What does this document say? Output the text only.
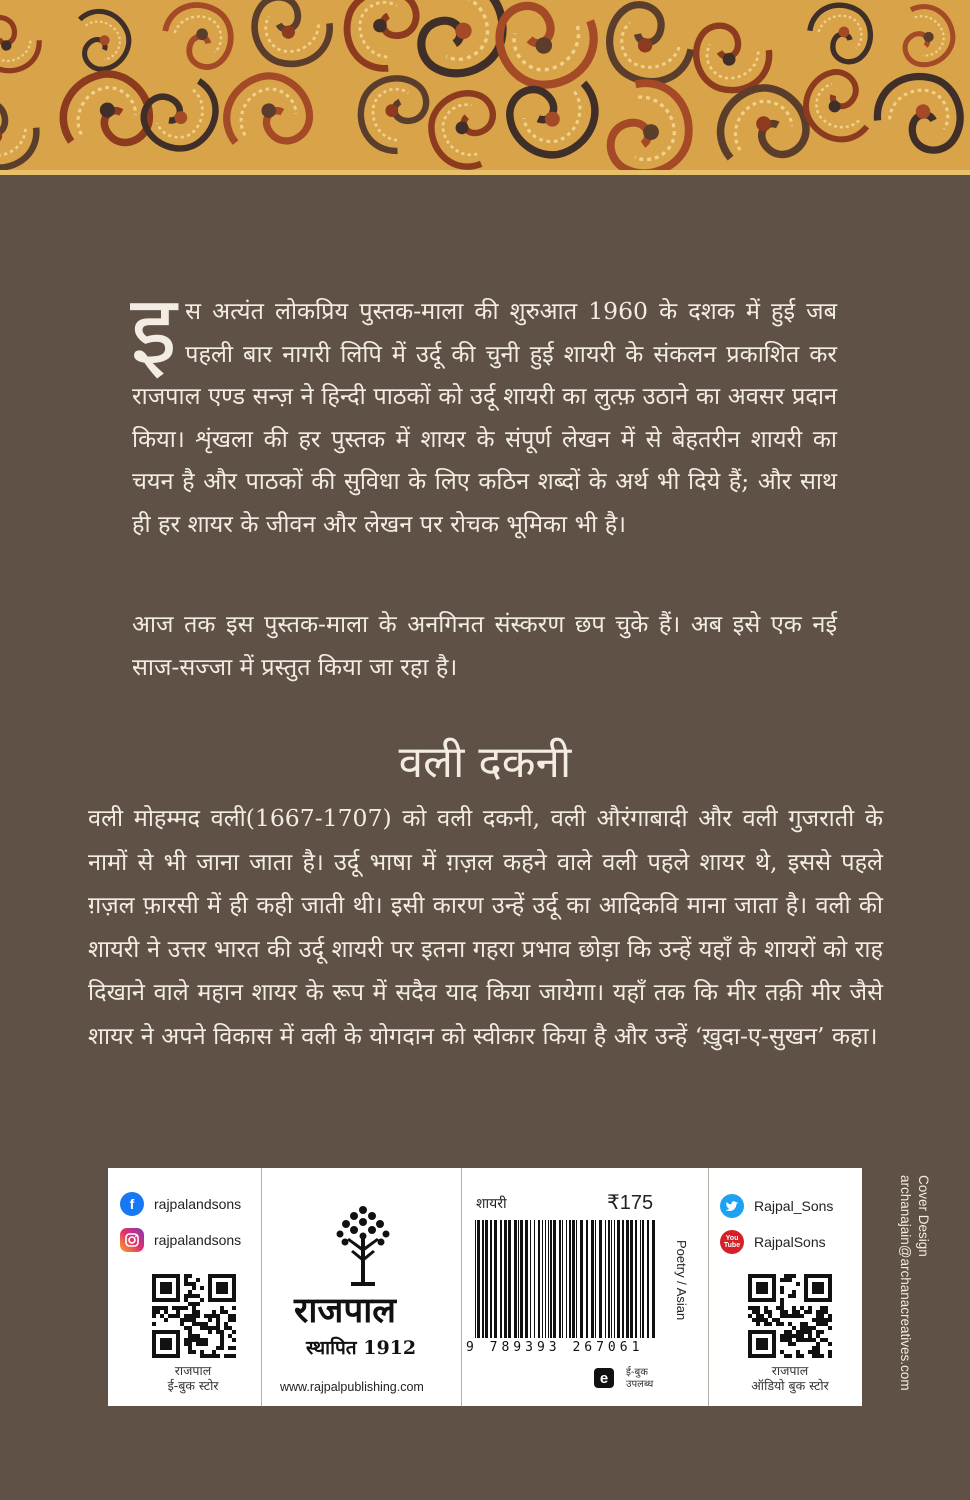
इस अत्यंत लोकप्रिय पुस्तक-माला की शुरुआत 1960 के दशक में हुई जब पहली बार नागरी लिपि में उर्दू की चुनी हुई शायरी के संकलन प्रकाशित कर राजपाल एण्ड सन्ज़ ने हिन्दी पाठकों को उर्दू शायरी का लुत्फ़ उठाने का अवसर प्रदान किया। शृंखला की हर पुस्तक में शायर के संपूर्ण लेखन में से बेहतरीन शायरी का चयन है और पाठकों की सुविधा के लिए कठिन शब्दों के अर्थ भी दिये हैं; और साथ ही हर शायर के जीवन और लेखन पर रोचक भूमिका भी है।
आज तक इस पुस्तक-माला के अनगिनत संस्करण छप चुके हैं। अब इसे एक नई साज-सज्जा में प्रस्तुत किया जा रहा है।
वली दकनी
वली मोहम्मद वली(1667-1707) को वली दकनी, वली औरंगाबादी और वली गुजराती के नामों से भी जाना जाता है। उर्दू भाषा में ग़ज़ल कहने वाले वली पहले शायर थे, इससे पहले ग़ज़ल फ़ारसी में ही कही जाती थी। इसी कारण उन्हें उर्दू का आदिकवि माना जाता है। वली की शायरी ने उत्तर भारत की उर्दू शायरी पर इतना गहरा प्रभाव छोड़ा कि उन्हें यहाँ के शायरों को राह दिखाने वाले महान शायर के रूप में सदैव याद किया जायेगा। यहाँ तक कि मीर तक़ी मीर जैसे शायर ने अपने विकास में वली के योगदान को स्वीकार किया है और उन्हें ‘ख़ुदा-ए-सुखन’ कहा।
Cover Design
archanajain@archanacreatives.com
f	rajpalandsons
rajpalandsons
राजपाल
ई-बुक स्टोर
राजपाल
स्थापित 1912
www.rajpalpublishing.com
शायरी	₹175
9 789393 267061
Poetry / Asian
e	ई-बुक
उपलब्ध
Rajpal_Sons
You
Tube RajpalSons
राजपाल
ऑडियो बुक स्टोर
